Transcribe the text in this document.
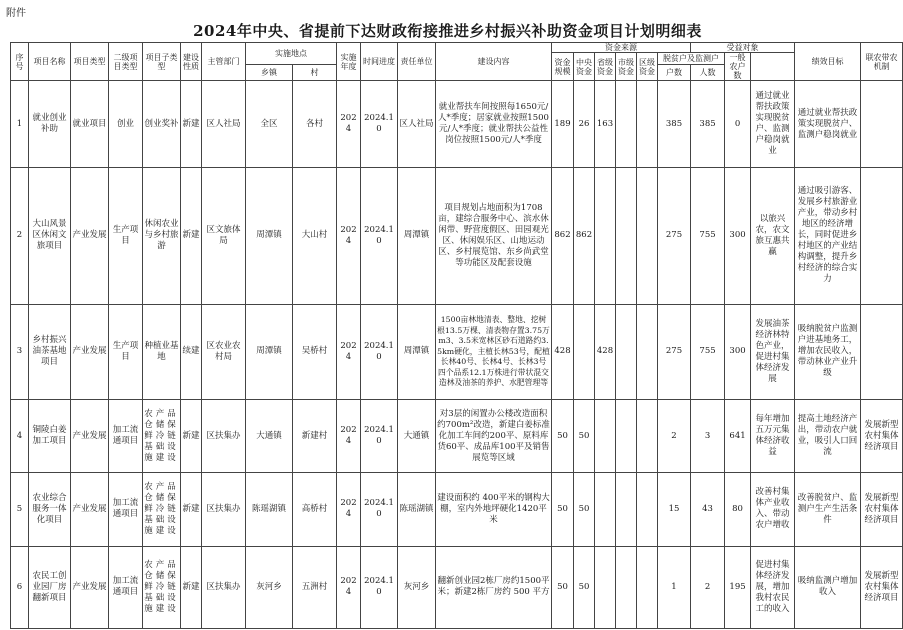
附件
2024年中央、省提前下达财政衔接推进乡村振兴补助资金项目计划明细表
序号	项目名称	项目类型	二级项目类型	项目子类型	建设性质	主管部门	实施地点		实施年度	时间进度	责任单位	建设内容	资金来源						受益对象			绩效目标	联农带农机制	
													资金规模	中央资金	省级资金	市级资金	区级资金	脱贫户及监测户		一般农户数				
							乡镇	村										户数	人数					
1	就业创业补助	就业项目	创业	创业奖补	新建	区人社局	全区	各村	2024	2024.10	区人社局	就业帮扶车间按照每1650元/人*季度；居家就业按照1500元/人*季度；就业帮扶公益性岗位按照1500元/人*季度	189	26	163			385	385	0	通过就业帮扶政策实现脱贫户、监测户稳岗就业	通过就业帮扶政策实现脱贫户、监测户稳岗就业		
2	大山风景区休闲文旅项目	产业发展	生产项目	休闲农业与乡村旅游	新建	区文旅体局	周潭镇	大山村	2024	2024.10	周潭镇	项目规划占地面积为1708亩，建综合服务中心、滨水休闲带、野营度假区、田园观光区、休闲娱乐区、山地运动区、乡村展览馆、东乡尚武堂等功能区及配套设施	862	862				275	755	300	以旅兴农，农文旅互惠共赢	通过吸引游客、发展乡村旅游业产业，带动乡村地区的经济增长，同时促进乡村地区的产业结构调整，提升乡村经济的综合实力		
3	乡村振兴油茶基地项目	产业发展	生产项目	种植业基地	续建	区农业农村局	周潭镇	吴桥村	2024	2024.10	周潭镇	1500亩林地清表、整地、挖树根13.5万棵、清表物存置3.75万m3、3.5米宽林区砂石道路约3.5km硬化，主植长林53号，配植长林40号、长林4号、长林3号四个品系12.1万株进行带状混交造林及油茶的养护、水肥管理等	428		428			275	755	300	发展油茶经济林特色产业，促进村集体经济发展	吸纳脱贫户监测户进基地务工，增加农民收入，带动林业产业升级		
4	铜陵白姜加工项目	产业发展	加工流通项目	农产品仓储保鲜冷链基础设施建设	新建	区扶集办	大通镇	新建村	2024	2024.10	大通镇	对3层的闲置办公楼改造面积约700m²改造，新建白姜标准化加工车间约200平、原料库货60平、成品库100平及销售展览等区域	50	50				2	3	641	每年增加五万元集体经济收益	提高土地经济产出，带动农户就业，吸引人口回流	发展新型农村集体经济项目	
5	农业综合服务一体化项目	产业发展	加工流通项目	农产品仓储保鲜冷链基础设施建设	新建	区扶集办	陈瑶湖镇	高桥村	2024	2024.10	陈瑶湖镇	建设面积约 400平米的钢构大棚，室内外地坪硬化1420平米	50	50				15	43	80	改善村集体产业收入、带动农户增收	改善脱贫户、监测户生产生活条件	发展新型农村集体经济项目	
6	农民工创业园厂房翻新项目	产业发展	加工流通项目	农产品仓储保鲜冷链基础设施建设	新建	区扶集办	灰河乡	五洲村	2024	2024.10	灰河乡	翻新创业园2栋厂房约1500平米；新建2栋厂房约 500 平方	50	50				1	2	195	促进村集体经济发展，增加我村农民工的收入	吸纳监测户增加收入	发展新型农村集体经济项目	
